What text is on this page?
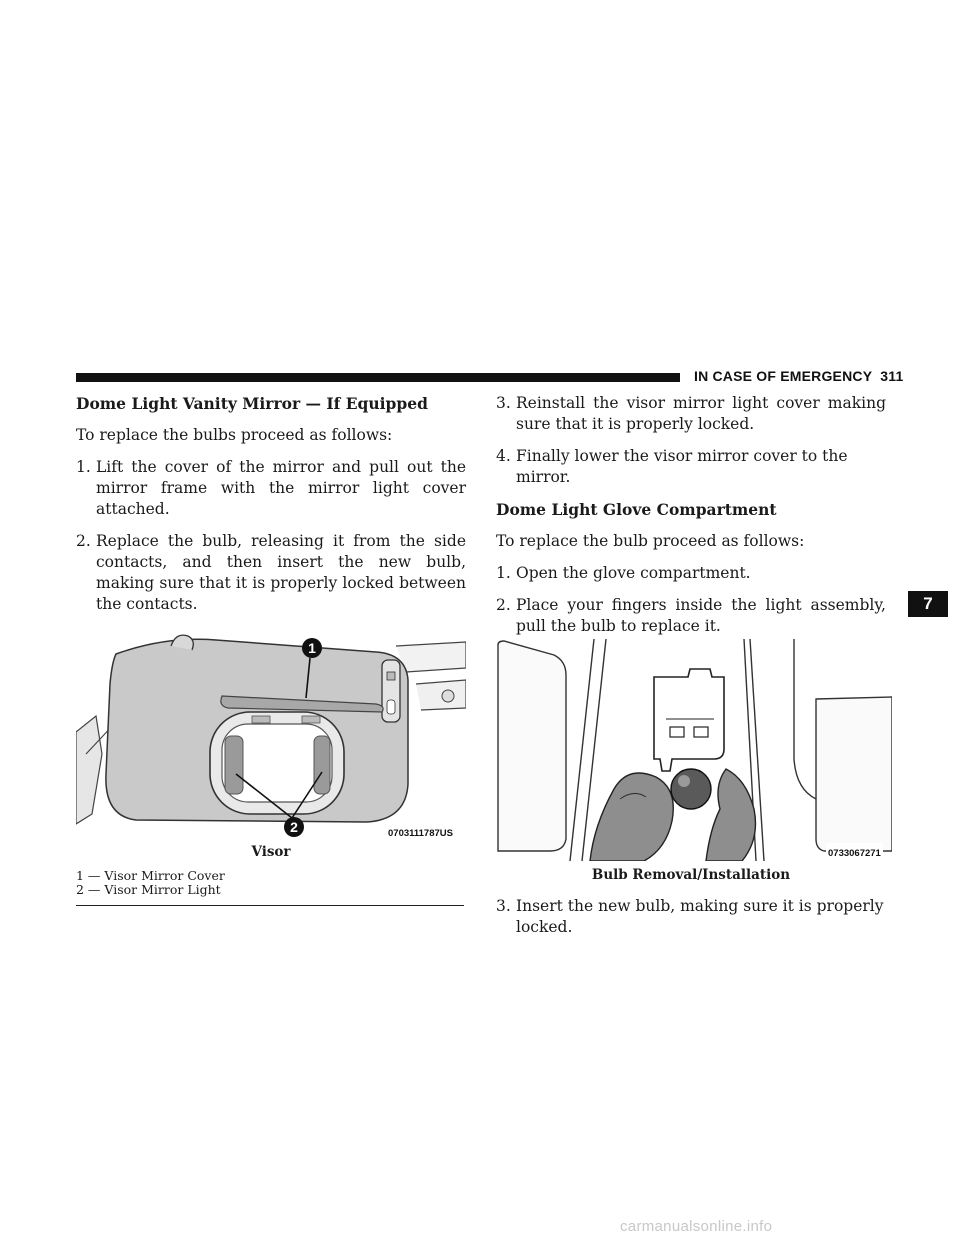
IN CASE OF EMERGENCY 311
Dome Light Vanity Mirror — If Equipped
To replace the bulbs proceed as follows:
1. Lift the cover of the mirror and pull out the mirror frame with the mirror light cover attached.
2. Replace the bulb, releasing it from the side contacts, and then insert the new bulb, making sure that it is properly locked between the contacts.
1
2	0703111787US
Visor
1 — Visor Mirror Cover
2 — Visor Mirror Light
3. Reinstall the visor mirror light cover making sure that it is properly locked.
4. Finally lower the visor mirror cover to the mirror.
Dome Light Glove Compartment
To replace the bulb proceed as follows:
1. Open the glove compartment.
2. Place your fingers inside the light assembly, pull the bulb to replace it.
0733067271
Bulb Removal/Installation
3. Insert the new bulb, making sure it is properly locked.
7
carmanualsonline.info
